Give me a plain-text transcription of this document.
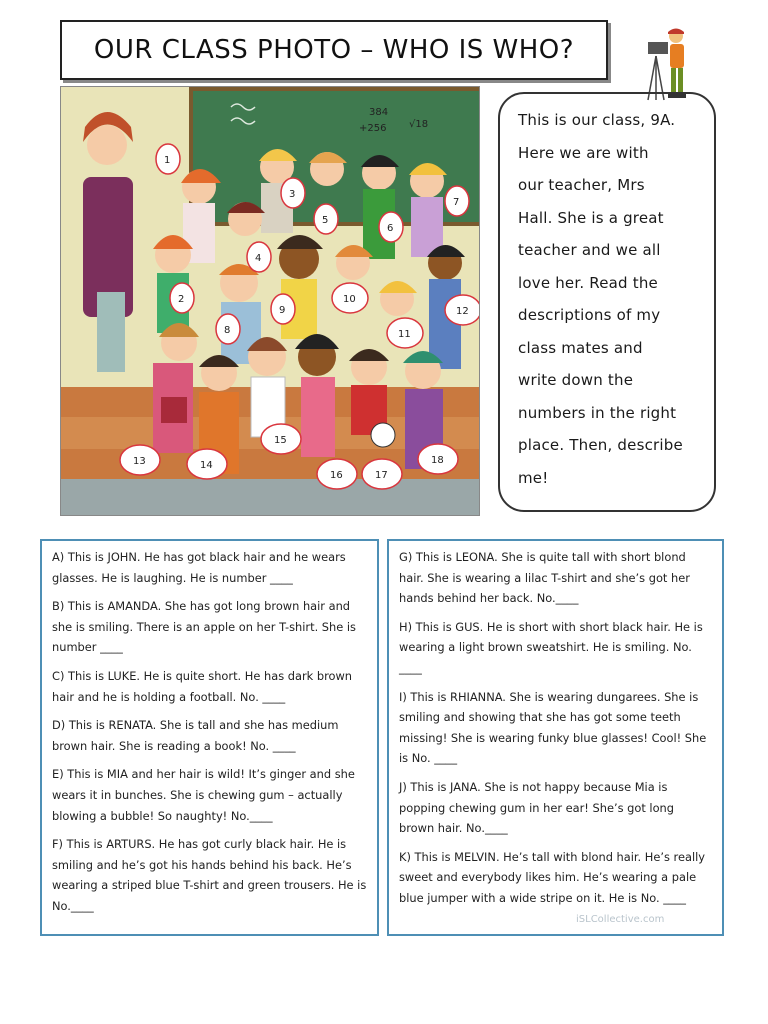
OUR CLASS PHOTO – WHO IS WHO?
384
+256 √18
1
2
3
4
5
6
7
8
9
10
11
12
13	14
15
16	17
18

This is our class, 9A.

Here we are with

our teacher, Mrs

Hall. She is a great

teacher and we all

love her. Read the

descriptions of my

class mates and

write down the

numbers in the right

place. Then, describe

me!

A) This is JOHN. He has got black hair and he wears glasses. He is laughing. He is number ____

B) This is AMANDA. She has got long brown hair and she is smiling. There is an apple on her T-shirt. She is number ____

C) This is LUKE. He is quite short. He has dark brown hair and he is holding a football. No. ____

D) This is RENATA. She is tall and she has medium brown hair. She is reading a book! No. ____

E) This is MIA and her hair is wild! It’s ginger and she wears it in bunches. She is chewing gum – actually blowing a bubble! So naughty! No.____

F) This is ARTURS. He has got curly black hair. He is smiling and he’s got his hands behind his back. He’s wearing a striped blue T-shirt and green trousers. He is No.____

G) This is LEONA. She is quite tall with short blond hair. She is wearing a lilac T-shirt and she’s got her hands behind her back. No.____

H) This is GUS. He is short with short black hair. He is wearing a light brown sweatshirt. He is smiling. No. ____

I) This is RHIANNA. She is wearing dungarees. She is smiling and showing that she has got some teeth missing! She is wearing funky blue glasses! Cool! She is No. ____

J) This is JANA. She is not happy because Mia is popping chewing gum in her ear! She’s got long brown hair. No.____

K) This is MELVIN. He’s tall with blond hair. He’s really sweet and everybody likes him. He’s wearing a pale blue jumper with a wide stripe on it. He is No. ____

iSLCollective.com
